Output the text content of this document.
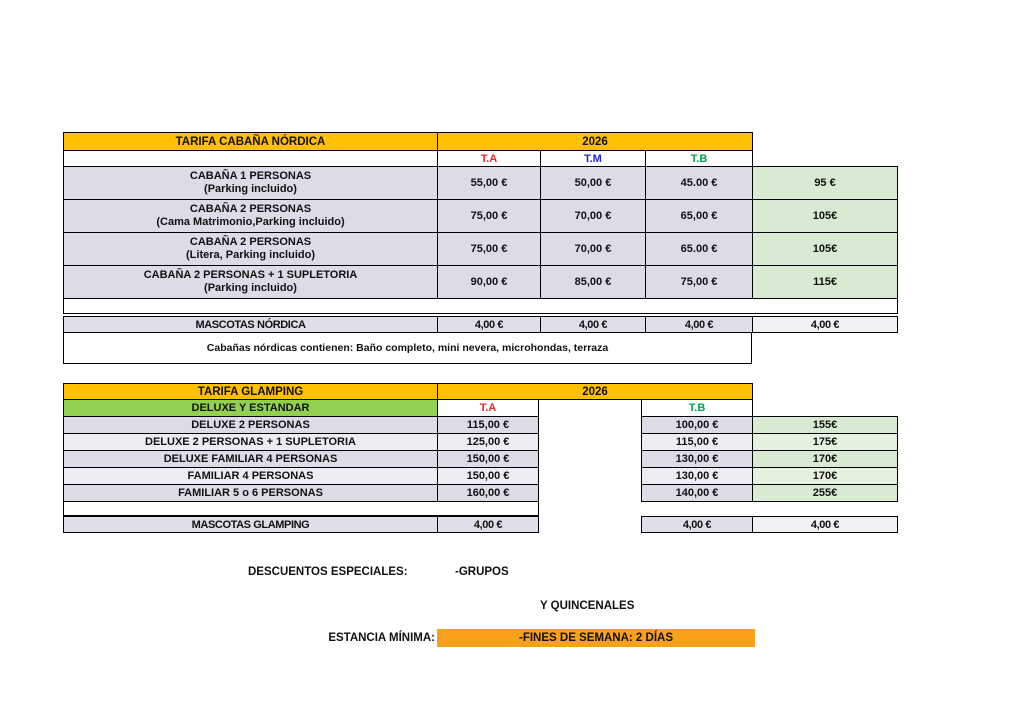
TARIFA CABAÑA NÓRDICA	2026			
	T.A	T.M	T.B	

CABAÑA 1 PERSONAS
(Parking incluido)	55,00 €	50,00 €	45.00 €	95 €

CABAÑA 2 PERSONAS
(Cama Matrimonio,Parking incluido)	75,00 €	70,00 €	65,00 €	105€

CABAÑA 2 PERSONAS
(Litera, Parking incluido)	75,00 €	70,00 €	65.00 €	105€

CABAÑA 2 PERSONAS + 1 SUPLETORIA
(Parking incluido)	90,00 €	85,00 €	75,00 €	115€

MASCOTAS NÓRDICA	4,00 €	4,00 €	4,00 €	4,00 €
Cabañas nórdicas contienen: Baño completo, mini nevera, microhondas, terraza
TARIFA GLAMPING	2026			
DELUXE Y ESTANDAR	T.A		T.B	
DELUXE 2 PERSONAS	115,00 €		100,00 €	155€
DELUXE 2 PERSONAS + 1 SUPLETORIA	125,00 €		115,00 €	175€
DELUXE FAMILIAR 4 PERSONAS	150,00 €		130,00 €	170€
FAMILIAR 4 PERSONAS	150,00 €		130,00 €	170€
FAMILIAR 5 o 6 PERSONAS	160,00 €		140,00 €	255€

MASCOTAS GLAMPING	4,00 €		4,00 €	4,00 €
DESCUENTOS ESPECIALES:	-GRUPOS
Y QUINCENALES
ESTANCIA MÍNIMA:	-FINES DE SEMANA: 2 DÍAS
